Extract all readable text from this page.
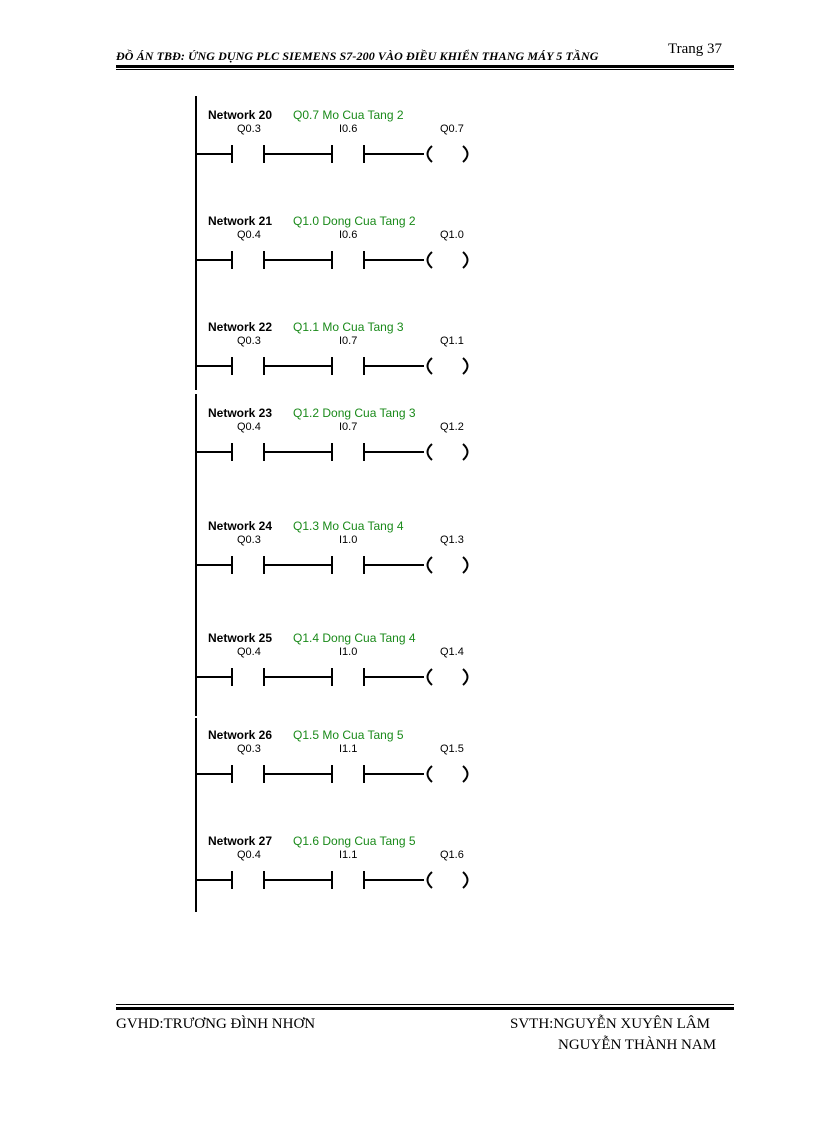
ĐỒ ÁN TBĐ: ỨNG DỤNG PLC SIEMENS S7-200 VÀO ĐIỀU KHIỂN THANG MÁY 5 TẦNG	Trang 37
Network 20 Q0.7 Mo Cua Tang 2
Q0.3	I0.6	Q0.7
Network 21 Q1.0 Dong Cua Tang 2
Q0.4	I0.6	Q1.0
Network 22 Q1.1 Mo Cua Tang 3
Q0.3	I0.7	Q1.1
Network 23 Q1.2 Dong Cua Tang 3
Q0.4	I0.7	Q1.2
Network 24 Q1.3 Mo Cua Tang 4
Q0.3	I1.0	Q1.3
Network 25 Q1.4 Dong Cua Tang 4
Q0.4	I1.0	Q1.4
Network 26 Q1.5 Mo Cua Tang 5
Q0.3	I1.1	Q1.5
Network 27 Q1.6 Dong Cua Tang 5
Q0.4	I1.1	Q1.6
GVHD:TRƯƠNG ĐÌNH NHƠN	SVTH:NGUYỄN XUYÊN LÂM
NGUYỄN THÀNH NAM
